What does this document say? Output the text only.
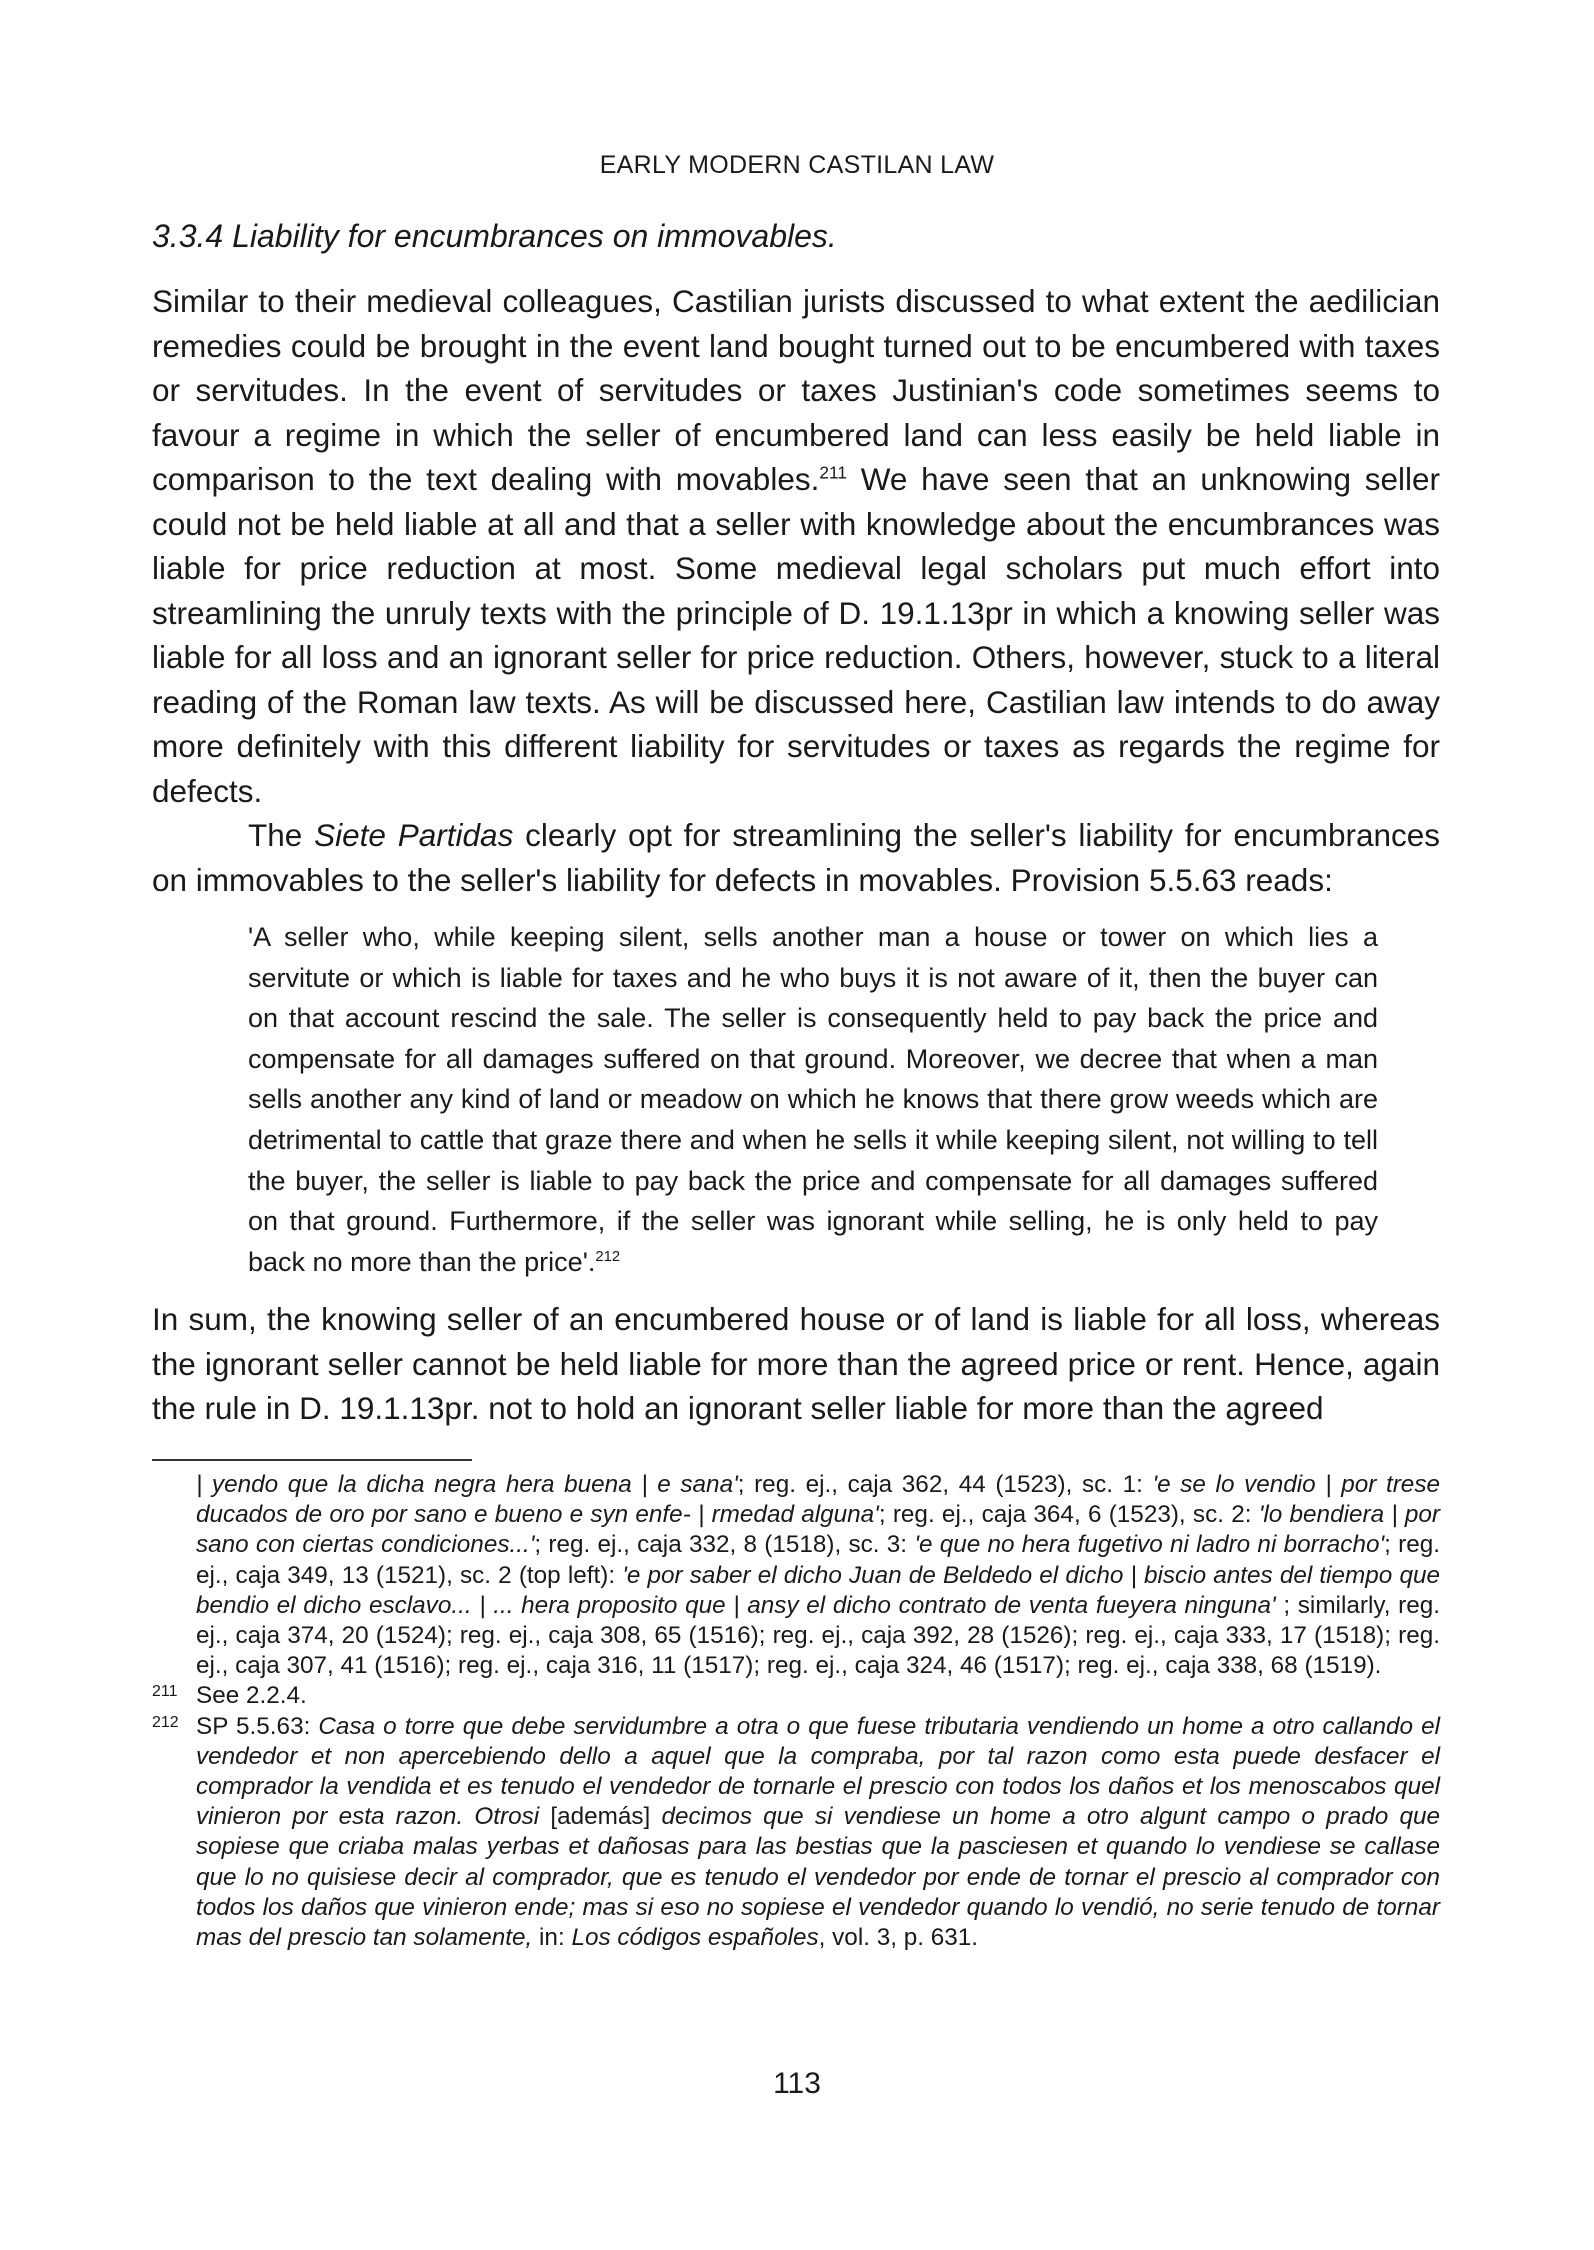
EARLY MODERN CASTILAN LAW
3.3.4 Liability for encumbrances on immovables.

Similar to their medieval colleagues, Castilian jurists discussed to what extent the aedilician remedies could be brought in the event land bought turned out to be encumbered with taxes or servitudes. In the event of servitudes or taxes Justinian's code sometimes seems to favour a regime in which the seller of encumbered land can less easily be held liable in comparison to the text dealing with movables.$^{211}$ We have seen that an unknowing seller could not be held liable at all and that a seller with knowledge about the encumbrances was liable for price reduction at most. Some medieval legal scholars put much effort into streamlining the unruly texts with the principle of D. 19.1.13pr in which a knowing seller was liable for all loss and an ignorant seller for price reduction. Others, however, stuck to a literal reading of the Roman law texts. As will be discussed here, Castilian law intends to do away more definitely with this different liability for servitudes or taxes as regards the regime for defects.

The Siete Partidas clearly opt for streamlining the seller's liability for encumbrances on immovables to the seller's liability for defects in movables. Provision 5.5.63 reads:

'A seller who, while keeping silent, sells another man a house or tower on which lies a servitute or which is liable for taxes and he who buys it is not aware of it, then the buyer can on that account rescind the sale. The seller is consequently held to pay back the price and compensate for all damages suffered on that ground. Moreover, we decree that when a man sells another any kind of land or meadow on which he knows that there grow weeds which are detrimental to cattle that graze there and when he sells it while keeping silent, not willing to tell the buyer, the seller is liable to pay back the price and compensate for all damages suffered on that ground. Furthermore, if the seller was ignorant while selling, he is only held to pay back no more than the price'.$^{212}$

In sum, the knowing seller of an encumbered house or of land is liable for all loss, whereas the ignorant seller cannot be held liable for more than the agreed price or rent. Hence, again the rule in D. 19.1.13pr. not to hold an ignorant seller liable for more than the agreed

| yendo que la dicha negra hera buena | e sana'; reg. ej., caja 362, 44 (1523), sc. 1: 'e se lo vendio | por trese ducados de oro por sano e bueno e syn enfe- | rmedad alguna'; reg. ej., caja 364, 6 (1523), sc. 2: 'lo bendiera | por sano con ciertas condiciones...'; reg. ej., caja 332, 8 (1518), sc. 3: 'e que no hera fugetivo ni ladro ni borracho'; reg. ej., caja 349, 13 (1521), sc. 2 (top left): 'e por saber el dicho Juan de Beldedo el dicho | biscio antes del tiempo que bendio el dicho esclavo... | ... hera proposito que | ansy el dicho contrato de venta fueyera ninguna' ; similarly, reg. ej., caja 374, 20 (1524); reg. ej., caja 308, 65 (1516); reg. ej., caja 392, 28 (1526); reg. ej., caja 333, 17 (1518); reg. ej., caja 307, 41 (1516); reg. ej., caja 316, 11 (1517); reg. ej., caja 324, 46 (1517); reg. ej., caja 338, 68 (1519).
211 See 2.2.4.
212 SP 5.5.63: Casa o torre que debe servidumbre a otra o que fuese tributaria vendiendo un home a otro callando el vendedor et non apercebiendo dello a aquel que la compraba, por tal razon como esta puede desfacer el comprador la vendida et es tenudo el vendedor de tornarle el prescio con todos los daños et los menoscabos quel vinieron por esta razon. Otrosi [además] decimos que si vendiese un home a otro algunt campo o prado que sopiese que criaba malas yerbas et dañosas para las bestias que la pasciesen et quando lo vendiese se callase que lo no quisiese decir al comprador, que es tenudo el vendedor por ende de tornar el prescio al comprador con todos los daños que vinieron ende; mas si eso no sopiese el vendedor quando lo vendió, no serie tenudo de tornar mas del prescio tan solamente, in: Los códigos españoles, vol. 3, p. 631.
113
